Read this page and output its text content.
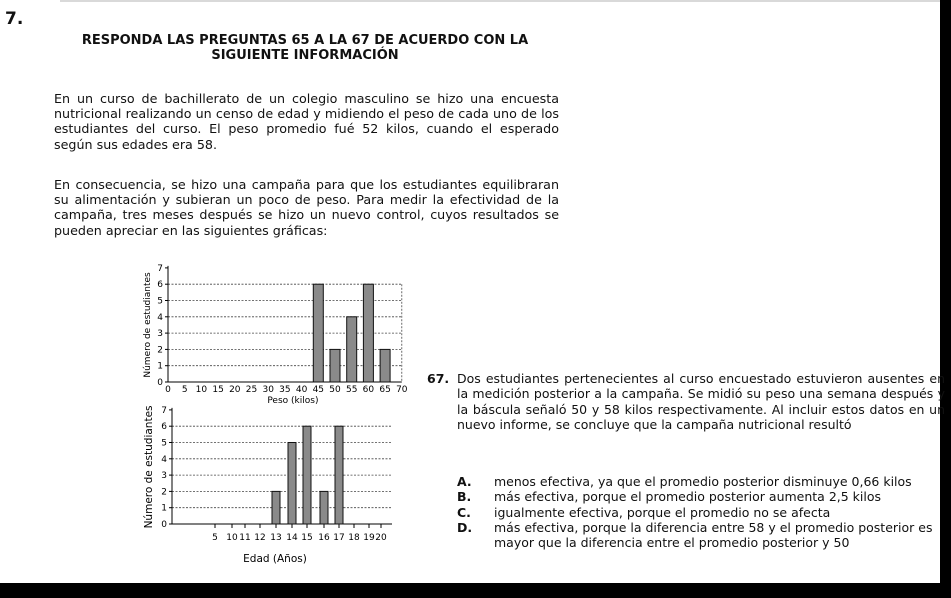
7.
RESPONDA LAS PREGUNTAS 65 A LA 67 DE ACUERDO CON LA
SIGUIENTE INFORMACIÓN
En un curso de bachillerato de un colegio masculino se hizo una encuesta nutricional realizando un censo de edad y midiendo el peso de cada uno de los estudiantes del curso. El peso promedio fué 52 kilos, cuando el esperado según sus edades era 58.
En consecuencia, se hizo una campaña para que los estudiantes equilibraran su alimentación y subieran un poco de peso. Para medir la efectividad de la campaña, tres meses después se hizo un nuevo control, cuyos resultados se pueden apreciar en las siguientes gráficas:
0
1
2
3
4
5
6
7
0 5 10 15 20 25 30 35 40 45 50 55 60 65 70
Peso (kilos)
Número de estudiantes
0
1
2
3
4
5
6
7
5 10 11 12 13 14 15 16 17 18 19 20
Edad (Años)
Número de estudiantes
67. Dos estudiantes pertenecientes al curso encuestado estuvieron ausentes en la medición posterior a la campaña. Se midió su peso una semana después y la báscula señaló 50 y 58 kilos respectivamente. Al incluir estos datos en un nuevo informe, se concluye que la campaña nutricional resultó
A. menos efectiva, ya que el promedio posterior disminuye 0,66 kilos
B. más efectiva, porque el promedio posterior aumenta 2,5 kilos
C. igualmente efectiva, porque el promedio no se afecta
D. más efectiva, porque la diferencia entre 58 y el promedio posterior es mayor que la diferencia entre el promedio posterior y 50
